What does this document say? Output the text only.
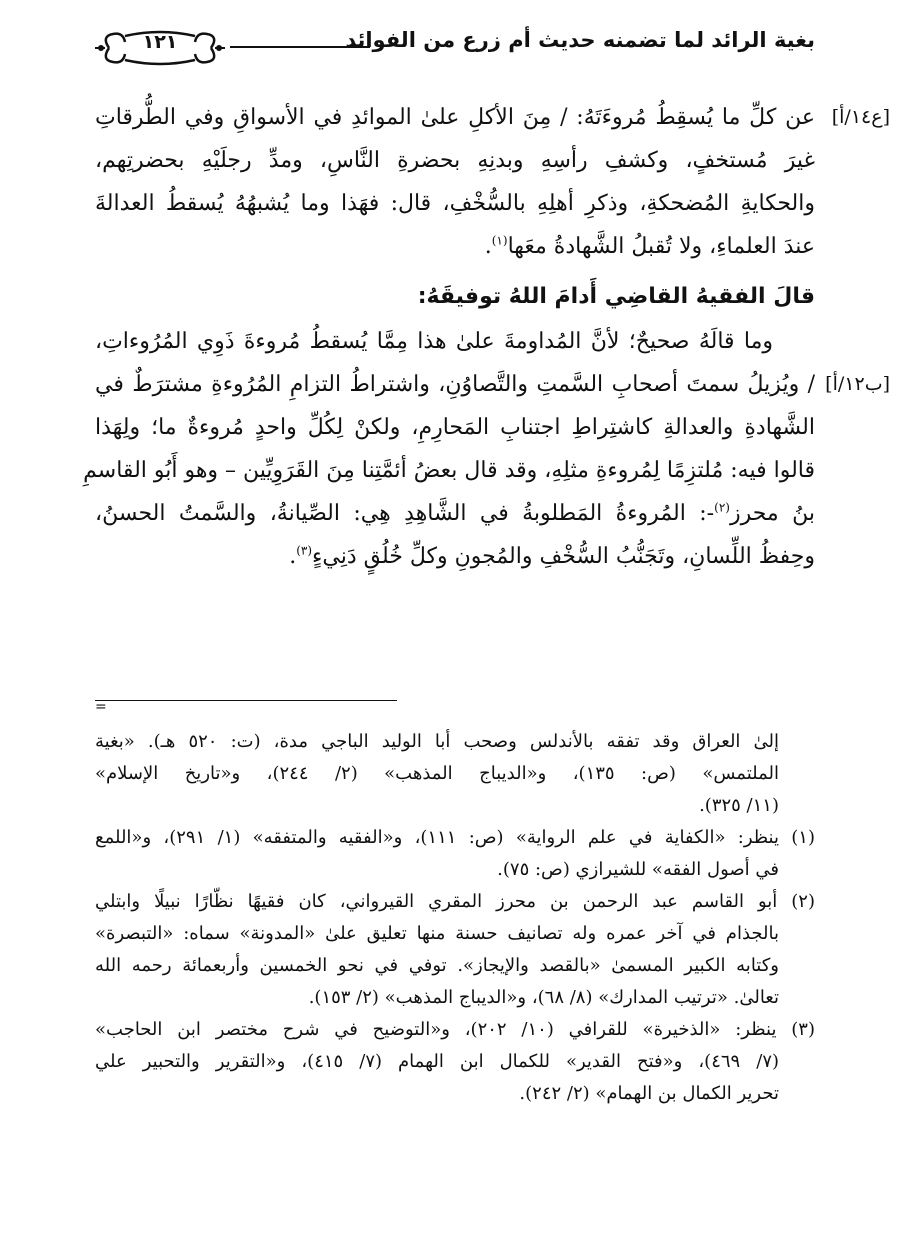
بغية الرائد لما تضمنه حديث أم زرع من الفوائد
١٢١
عن كلِّ ما يُسقِطُ مُروءَتَهُ: / مِنَ الأكلِ علىٰ الموائدِ في الأسواقِ وفي الطُّرقاتِ [ع١٤/أ]
غيرَ مُستخفٍ، وكشفِ رأسِهِ وبدنِهِ بحضرةِ النَّاسِ، ومدِّ رجلَيْهِ بحضرتِهم،
والحكايةِ المُضحكةِ، وذكرِ أهلِهِ بالسُّخْفِ، قال: فهَذا وما يُشبهُهُ يُسقطُ العدالةَ
عندَ العلماءِ، ولا تُقبلُ الشَّهادةُ معَها$^{(١)}$.
قالَ الفقيهُ القاضِي أَدامَ اللهُ توفيقَهُ:
وما قالَهُ صحيحٌ؛ لأنَّ المُداومةَ علىٰ هذا مِمَّا يُسقطُ مُروءةَ ذَوِي المُرُوءاتِ،
/ ويُزيلُ سمتَ أصحابِ السَّمتِ والتَّصاوُنِ، واشتراطُ التزامِ المُرُوءةِ مشترَطٌ في [ب١٢/أ]
الشَّهادةِ والعدالةِ كاشتِراطِ اجتنابِ المَحارِمِ، ولكنْ لِكُلِّ واحدٍ مُروءةٌ ما؛ ولِهَذا
قالوا فيه: مُلتزِمًا لِمُروءةِ مثلِهِ، وقد قال بعضُ أئمَّتِنا مِنَ القَرَوِيِّين – وهو أَبُو القاسمِ
بنُ محرز$^{(٢)}$-: المُروءةُ المَطلوبةُ في الشَّاهِدِ هِي: الصِّيانةُ، والسَّمتُ الحسنُ،
وحِفظُ اللِّسانِ، وتَجَنُّبُ السُّخْفِ والمُجونِ وكلِّ خُلُقٍ دَنِيءٍ$^{(٣)}$.
=
إلىٰ العراق وقد تفقه بالأندلس وصحب أبا الوليد الباجي مدة، (ت: ٥٢٠ هـ). «بغية
الملتمس» (ص: ١٣٥)، و«الديباج المذهب» (٢/ ٢٤٤)، و«تاريخ الإسلام»
(١١/ ٣٢٥).
(١) ينظر: «الكفاية في علم الرواية» (ص: ١١١)، و«الفقيه والمتفقه» (١/ ٢٩١)، و«اللمع
في أصول الفقه» للشيرازي (ص: ٧٥).
(٢) أبو القاسم عبد الرحمن بن محرز المقري القيرواني، كان فقيهًا نظّارًا نبيلًا وابتلي
بالجذام في آخر عمره وله تصانيف حسنة منها تعليق علىٰ «المدونة» سماه: «التبصرة»
وكتابه الكبير المسمىٰ «بالقصد والإيجاز». توفي في نحو الخمسين وأربعمائة رحمه الله
تعالىٰ. «ترتيب المدارك» (٨/ ٦٨)، و«الديباج المذهب» (٢/ ١٥٣).
(٣) ينظر: «الذخيرة» للقرافي (١٠/ ٢٠٢)، و«التوضيح في شرح مختصر ابن الحاجب»
(٧/ ٤٦٩)، و«فتح القدير» للكمال ابن الهمام (٧/ ٤١٥)، و«التقرير والتحبير علي
تحرير الكمال بن الهمام» (٢/ ٢٤٢).
